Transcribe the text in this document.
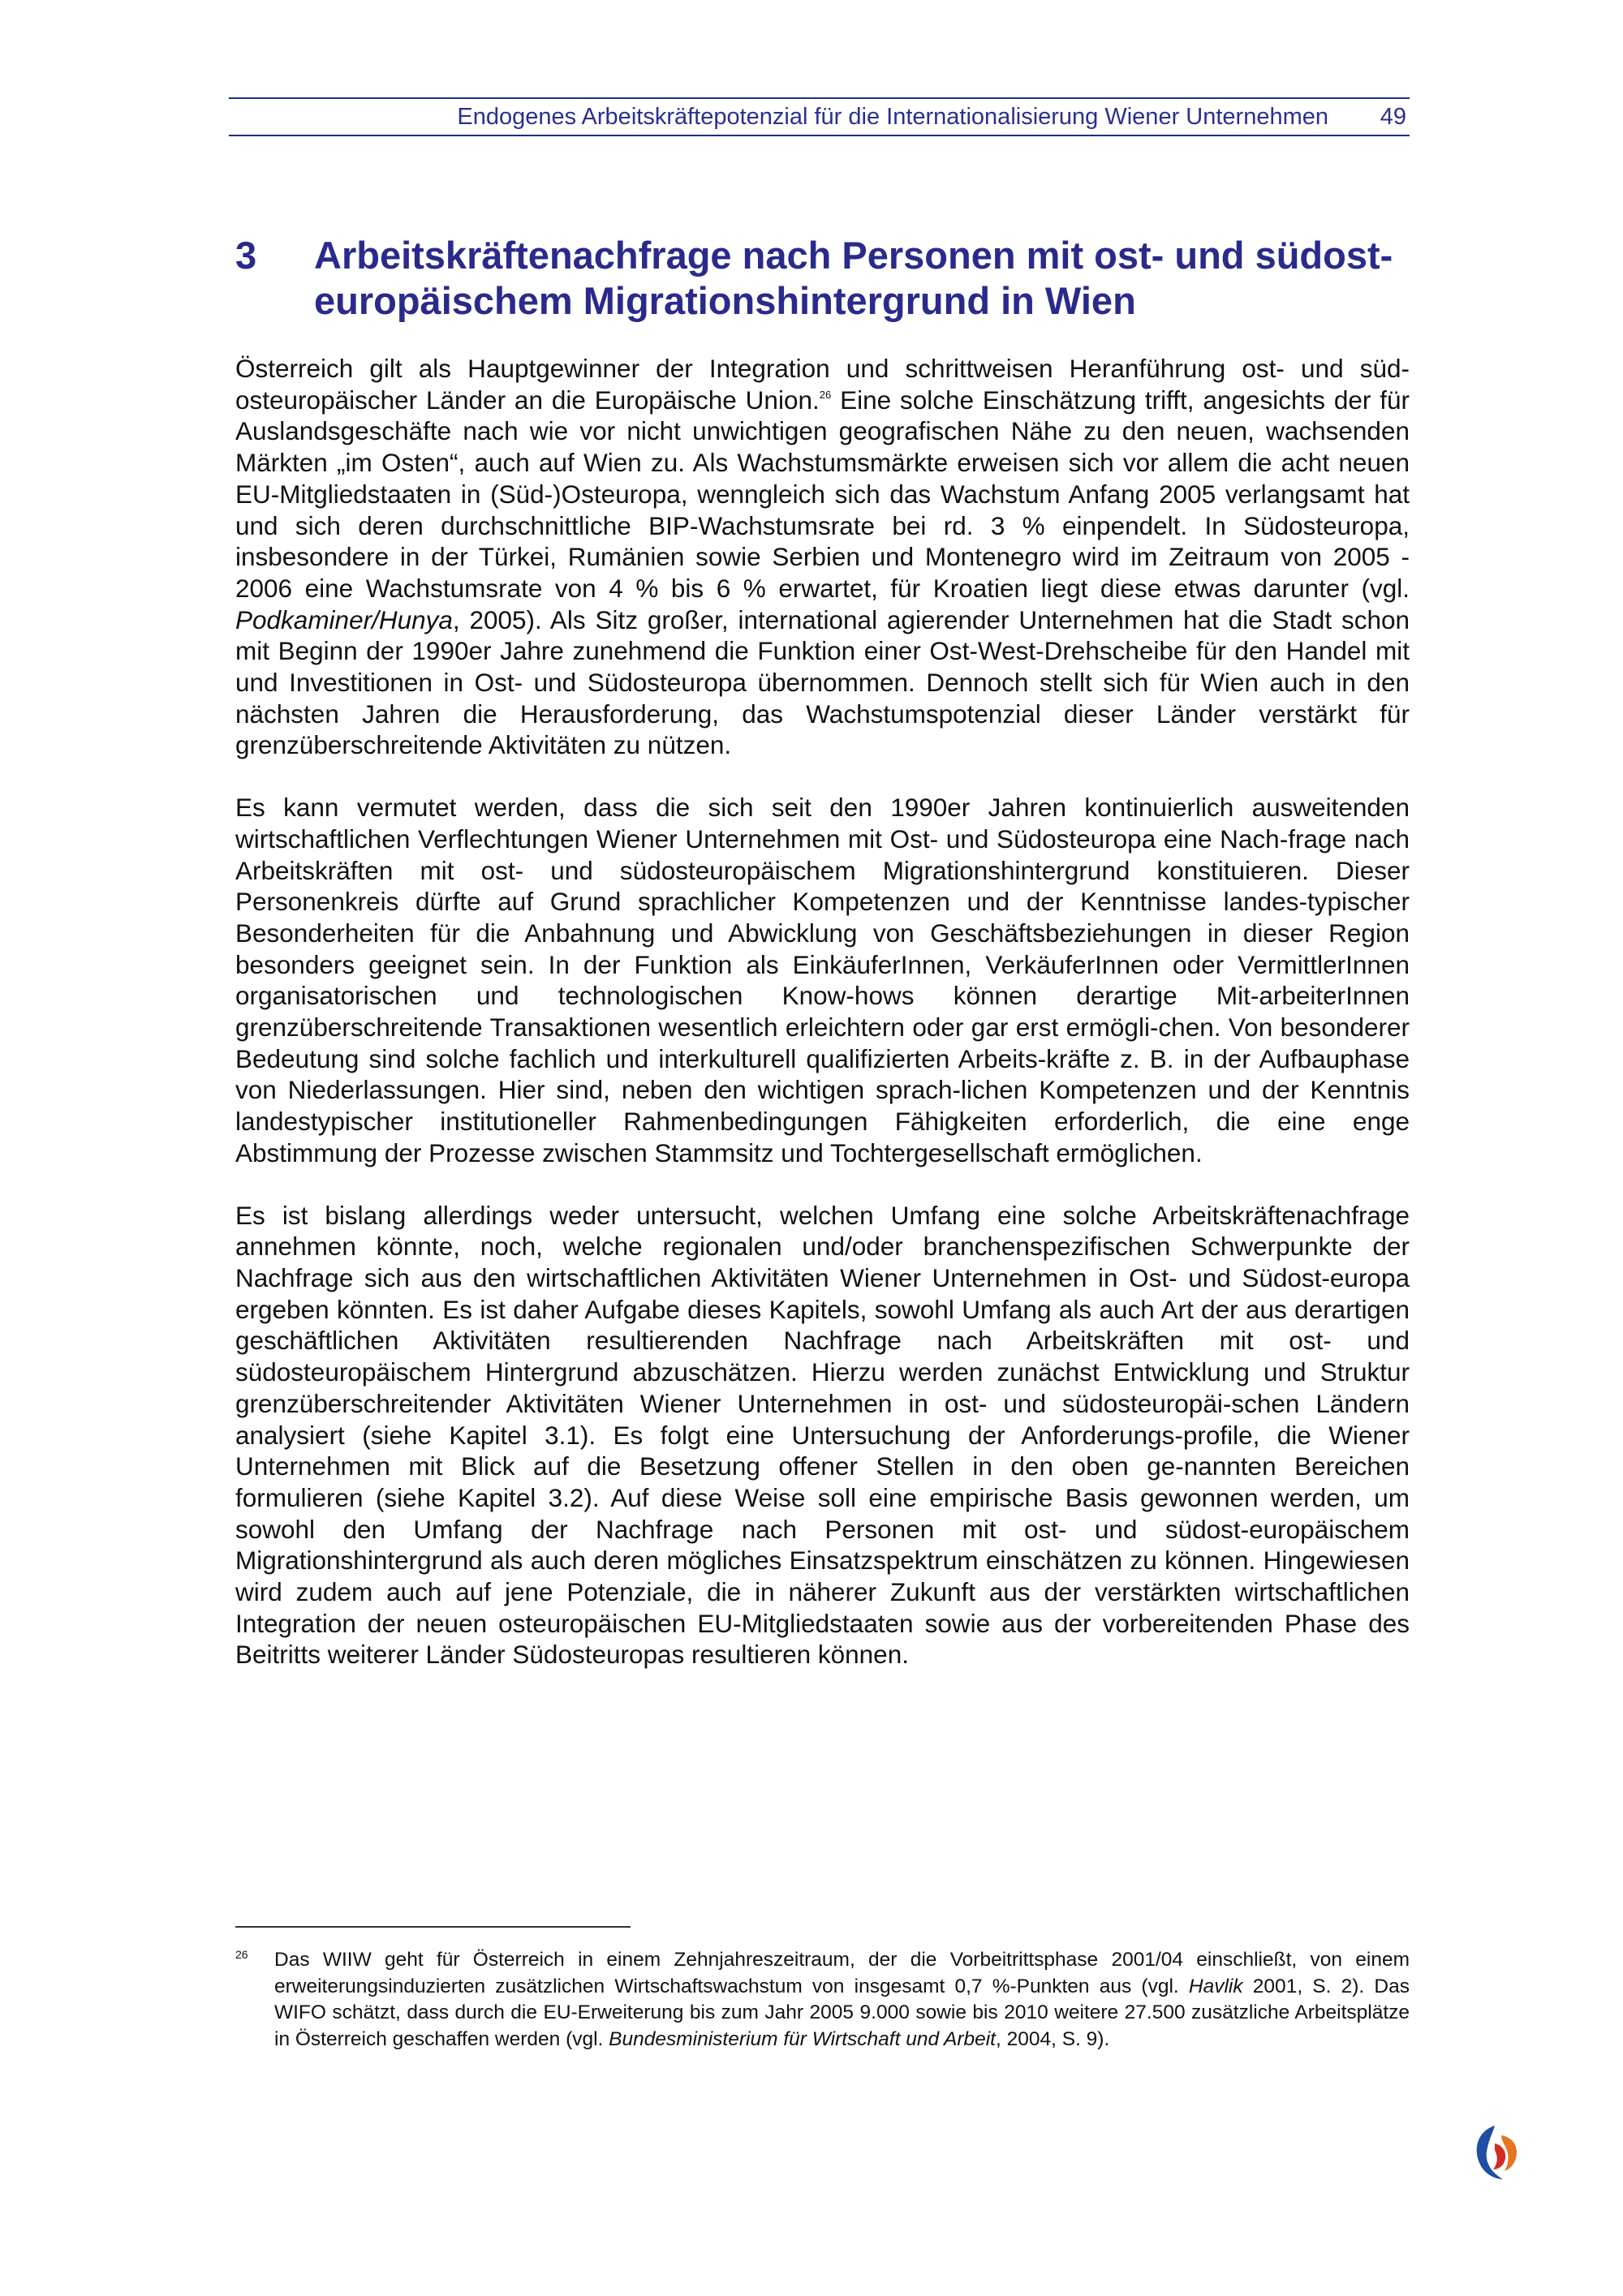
Endogenes Arbeitskräftepotenzial für die Internationalisierung Wiener Unternehmen 49
3 Arbeitskräftenachfrage nach Personen mit ost- und südost-europäischem Migrationshintergrund in Wien

Österreich gilt als Hauptgewinner der Integration und schrittweisen Heranführung ost- und süd-osteuropäischer Länder an die Europäische Union.$^{26}$ Eine solche Einschätzung trifft, angesichts der für Auslandsgeschäfte nach wie vor nicht unwichtigen geografischen Nähe zu den neuen, wachsenden Märkten „im Osten“, auch auf Wien zu. Als Wachstumsmärkte erweisen sich vor allem die acht neuen EU-Mitgliedstaaten in (Süd-)Osteuropa, wenngleich sich das Wachstum Anfang 2005 verlangsamt hat und sich deren durchschnittliche BIP-Wachstumsrate bei rd. 3 % einpendelt. In Südosteuropa, insbesondere in der Türkei, Rumänien sowie Serbien und Montenegro wird im Zeitraum von 2005 - 2006 eine Wachstumsrate von 4 % bis 6 % erwartet, für Kroatien liegt diese etwas darunter (vgl. Podkaminer/Hunya, 2005). Als Sitz großer, international agierender Unternehmen hat die Stadt schon mit Beginn der 1990er Jahre zunehmend die Funktion einer Ost-West-Drehscheibe für den Handel mit und Investitionen in Ost- und Südosteuropa übernommen. Dennoch stellt sich für Wien auch in den nächsten Jahren die Herausforderung, das Wachstumspotenzial dieser Länder verstärkt für grenzüberschreitende Aktivitäten zu nützen.

Es kann vermutet werden, dass die sich seit den 1990er Jahren kontinuierlich ausweitenden wirtschaftlichen Verflechtungen Wiener Unternehmen mit Ost- und Südosteuropa eine Nach-frage nach Arbeitskräften mit ost- und südosteuropäischem Migrationshintergrund konstituieren. Dieser Personenkreis dürfte auf Grund sprachlicher Kompetenzen und der Kenntnisse landes-typischer Besonderheiten für die Anbahnung und Abwicklung von Geschäftsbeziehungen in dieser Region besonders geeignet sein. In der Funktion als EinkäuferInnen, VerkäuferInnen oder VermittlerInnen organisatorischen und technologischen Know-hows können derartige Mit-arbeiterInnen grenzüberschreitende Transaktionen wesentlich erleichtern oder gar erst ermögli-chen. Von besonderer Bedeutung sind solche fachlich und interkulturell qualifizierten Arbeits-kräfte z. B. in der Aufbauphase von Niederlassungen. Hier sind, neben den wichtigen sprach-lichen Kompetenzen und der Kenntnis landestypischer institutioneller Rahmenbedingungen Fähigkeiten erforderlich, die eine enge Abstimmung der Prozesse zwischen Stammsitz und Tochtergesellschaft ermöglichen.

Es ist bislang allerdings weder untersucht, welchen Umfang eine solche Arbeitskräftenachfrage annehmen könnte, noch, welche regionalen und/oder branchenspezifischen Schwerpunkte der Nachfrage sich aus den wirtschaftlichen Aktivitäten Wiener Unternehmen in Ost- und Südost-europa ergeben könnten. Es ist daher Aufgabe dieses Kapitels, sowohl Umfang als auch Art der aus derartigen geschäftlichen Aktivitäten resultierenden Nachfrage nach Arbeitskräften mit ost- und südosteuropäischem Hintergrund abzuschätzen. Hierzu werden zunächst Entwicklung und Struktur grenzüberschreitender Aktivitäten Wiener Unternehmen in ost- und südosteuropäi-schen Ländern analysiert (siehe Kapitel 3.1). Es folgt eine Untersuchung der Anforderungs-profile, die Wiener Unternehmen mit Blick auf die Besetzung offener Stellen in den oben ge-nannten Bereichen formulieren (siehe Kapitel 3.2). Auf diese Weise soll eine empirische Basis gewonnen werden, um sowohl den Umfang der Nachfrage nach Personen mit ost- und südost-europäischem Migrationshintergrund als auch deren mögliches Einsatzspektrum einschätzen zu können. Hingewiesen wird zudem auch auf jene Potenziale, die in näherer Zukunft aus der verstärkten wirtschaftlichen Integration der neuen osteuropäischen EU-Mitgliedstaaten sowie aus der vorbereitenden Phase des Beitritts weiterer Länder Südosteuropas resultieren können.

26 Das WIIW geht für Österreich in einem Zehnjahreszeitraum, der die Vorbeitrittsphase 2001/04 einschließt, von einem erweiterungsinduzierten zusätzlichen Wirtschaftswachstum von insgesamt 0,7 %-Punkten aus (vgl. Havlik 2001, S. 2). Das WIFO schätzt, dass durch die EU-Erweiterung bis zum Jahr 2005 9.000 sowie bis 2010 weitere 27.500 zusätzliche Arbeitsplätze in Österreich geschaffen werden (vgl. Bundesministerium für Wirtschaft und Arbeit, 2004, S. 9).
